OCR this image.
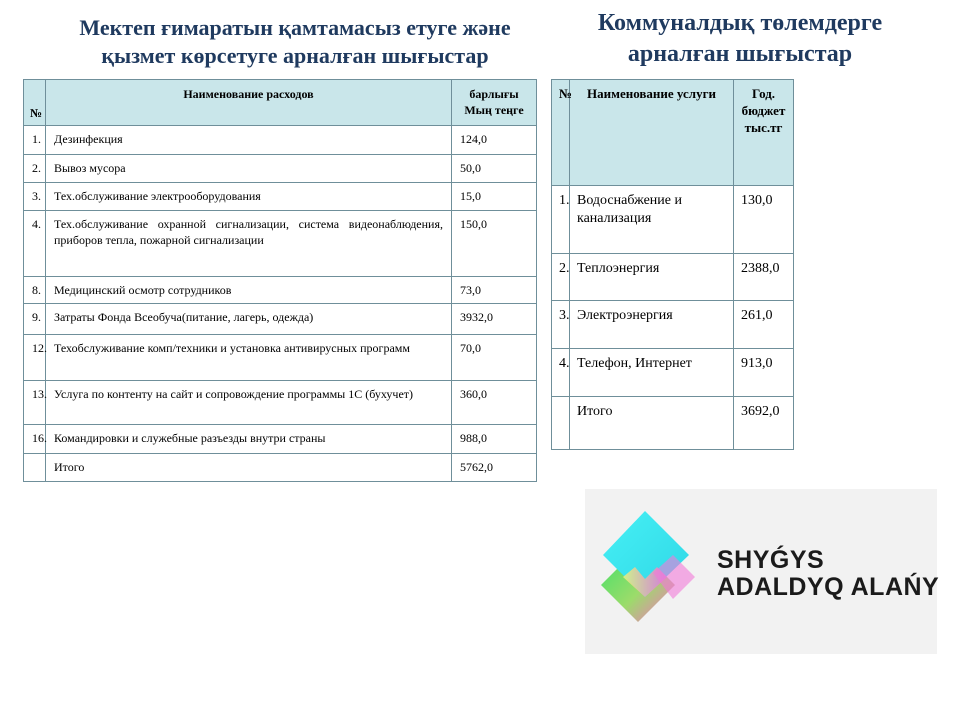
Мектеп ғимаратын қамтамасыз етуге және қызмет көрсетуге арналған шығыстар
Коммуналдық төлемдерге арналған шығыстар
№	Наименование расходов	барлығы Мың теңге
1.	Дезинфекция	124,0
2.	Вывоз мусора	50,0
3.	Тех.обслуживание электрооборудования	15,0
4.	Тех.обслуживание охранной сигнализации, система видеонаблюдения, приборов тепла, пожарной сигнализации	150,0
8.	Медицинский осмотр сотрудников	73,0
9.	Затраты Фонда Всеобуча(питание, лагерь, одежда)	3932,0
12.	Техобслуживание комп/техники и установка антивирусных программ	70,0
13.	Услуга по контенту на сайт и сопровождение программы 1С (бухучет)	360,0
16.	Командировки и служебные разъезды внутри страны	988,0
	Итого	5762,0
№	Наименование услуги	Год. бюджет тыс.тг
1.	Водоснабжение и канализация	130,0
2.	Теплоэнергия	2388,0
3.	Электроэнергия	261,0
4.	Телефон, Интернет	913,0
	Итого	3692,0
SHYǴYS
ADALDYQ ALAŃY
